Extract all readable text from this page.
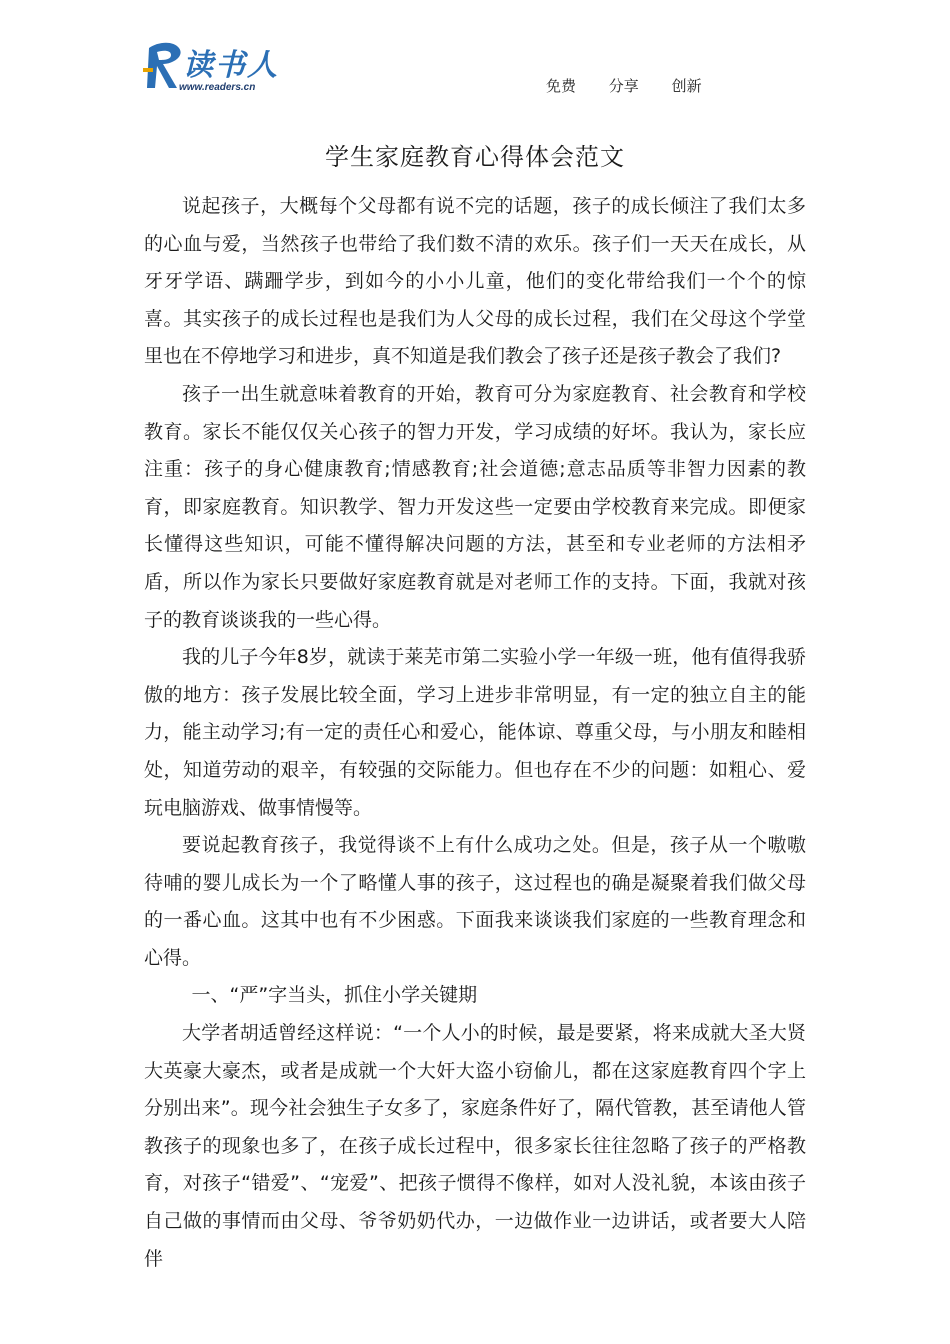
读书人
www.readers.cn	免费 分享 创新
学生家庭教育心得体会范文

说起孩子，大概每个父母都有说不完的话题，孩子的成长倾注了我们太多的心血与爱，当然孩子也带给了我们数不清的欢乐。孩子们一天天在成长，从牙牙学语、蹒跚学步，到如今的小小儿童，他们的变化带给我们一个个的惊喜。其实孩子的成长过程也是我们为人父母的成长过程，我们在父母这个学堂里也在不停地学习和进步，真不知道是我们教会了孩子还是孩子教会了我们?

孩子一出生就意味着教育的开始，教育可分为家庭教育、社会教育和学校教育。家长不能仅仅关心孩子的智力开发，学习成绩的好坏。我认为，家长应注重：孩子的身心健康教育;情感教育;社会道德;意志品质等非智力因素的教育，即家庭教育。知识教学、智力开发这些一定要由学校教育来完成。即便家长懂得这些知识，可能不懂得解决问题的方法，甚至和专业老师的方法相矛盾，所以作为家长只要做好家庭教育就是对老师工作的支持。下面，我就对孩子的教育谈谈我的一些心得。

我的儿子今年8岁，就读于莱芜市第二实验小学一年级一班，他有值得我骄傲的地方：孩子发展比较全面，学习上进步非常明显，有一定的独立自主的能力，能主动学习;有一定的责任心和爱心，能体谅、尊重父母，与小朋友和睦相处，知道劳动的艰辛，有较强的交际能力。但也存在不少的问题：如粗心、爱玩电脑游戏、做事情慢等。

要说起教育孩子，我觉得谈不上有什么成功之处。但是，孩子从一个嗷嗷待哺的婴儿成长为一个了略懂人事的孩子，这过程也的确是凝聚着我们做父母的一番心血。这其中也有不少困惑。下面我来谈谈我们家庭的一些教育理念和心得。

一、“严”字当头，抓住小学关键期

大学者胡适曾经这样说：“一个人小的时候，最是要紧，将来成就大圣大贤大英豪大豪杰，或者是成就一个大奸大盗小窃偷儿，都在这家庭教育四个字上分别出来”。现今社会独生子女多了，家庭条件好了，隔代管教，甚至请他人管教孩子的现象也多了，在孩子成长过程中，很多家长往往忽略了孩子的严格教育，对孩子“错爱”、“宠爱”、把孩子惯得不像样，如对人没礼貌，本该由孩子自己做的事情而由父母、爷爷奶奶代办，一边做作业一边讲话，或者要大人陪伴
